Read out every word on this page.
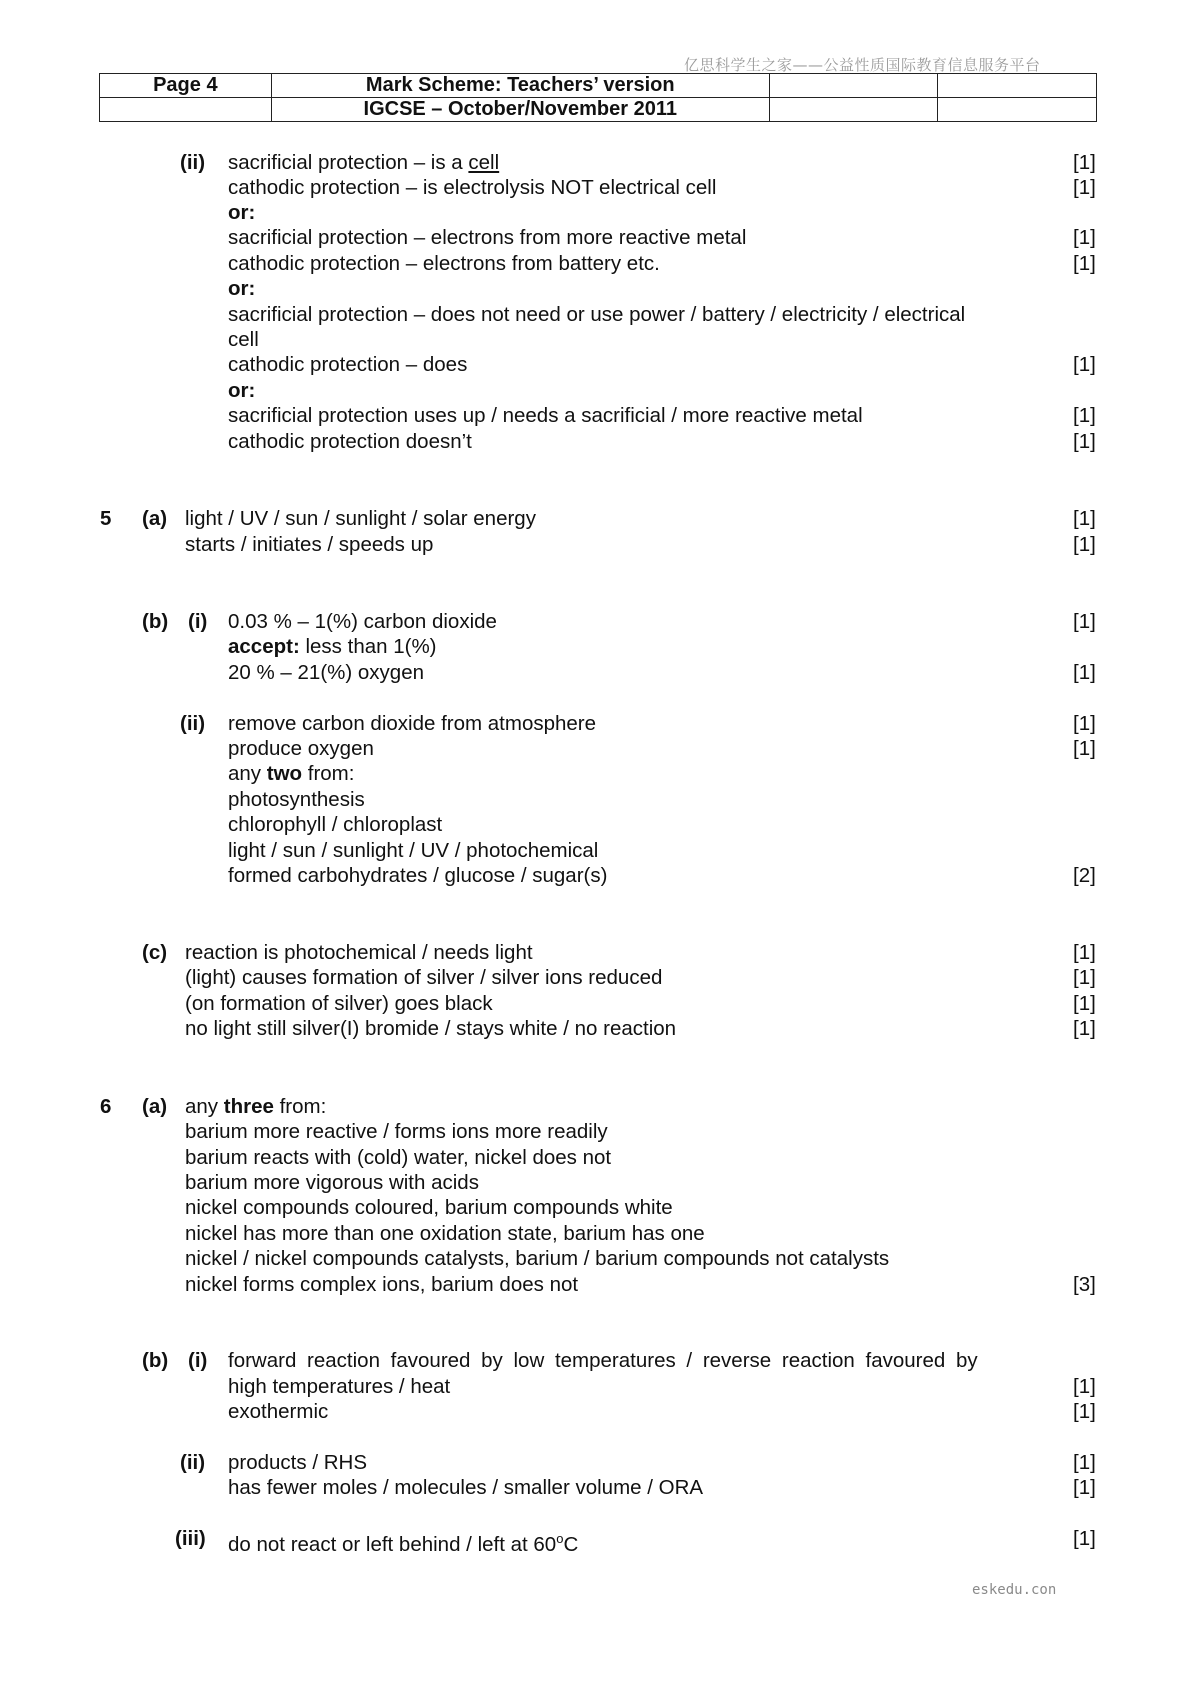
亿思科学生之家——公益性质国际教育信息服务平台
Page 4	Mark Scheme: Teachers’ version		
	IGCSE – October/November 2011		
(ii) sacrificial protection – is a cell	[1]
cathodic protection – is electrolysis NOT electrical cell	[1]
or:
sacrificial protection – electrons from more reactive metal	[1]
cathodic protection – electrons from battery etc.	[1]
or:
sacrificial protection – does not need or use power / battery / electricity / electrical
cell
cathodic protection – does	[1]
or:
sacrificial protection uses up / needs a sacrificial / more reactive metal	[1]
cathodic protection doesn’t	[1]
5 (a) light / UV / sun / sunlight / solar energy	[1]
starts / initiates / speeds up	[1]
(b) (i) 0.03 % – 1(%) carbon dioxide	[1]
accept: less than 1(%)
20 % – 21(%) oxygen	[1]
(ii) remove carbon dioxide from atmosphere	[1]
produce oxygen	[1]
any two from:
photosynthesis
chlorophyll / chloroplast
light / sun / sunlight / UV / photochemical
formed carbohydrates / glucose / sugar(s)	[2]
(c) reaction is photochemical / needs light	[1]
(light) causes formation of silver / silver ions reduced	[1]
(on formation of silver) goes black	[1]
no light still silver(I) bromide / stays white / no reaction	[1]
6 (a) any three from:
barium more reactive / forms ions more readily
barium reacts with (cold) water, nickel does not
barium more vigorous with acids
nickel compounds coloured, barium compounds white
nickel has more than one oxidation state, barium has one
nickel / nickel compounds catalysts, barium / barium compounds not catalysts
nickel forms complex ions, barium does not	[3]
(b) (i) forward reaction favoured by low temperatures / reverse reaction favoured by
high temperatures / heat	[1]
exothermic	[1]
(ii) products / RHS	[1]
has fewer moles / molecules / smaller volume / ORA	[1]
(iii) do not react or left behind / left at 60$^o$C	[1]
eskedu.con
